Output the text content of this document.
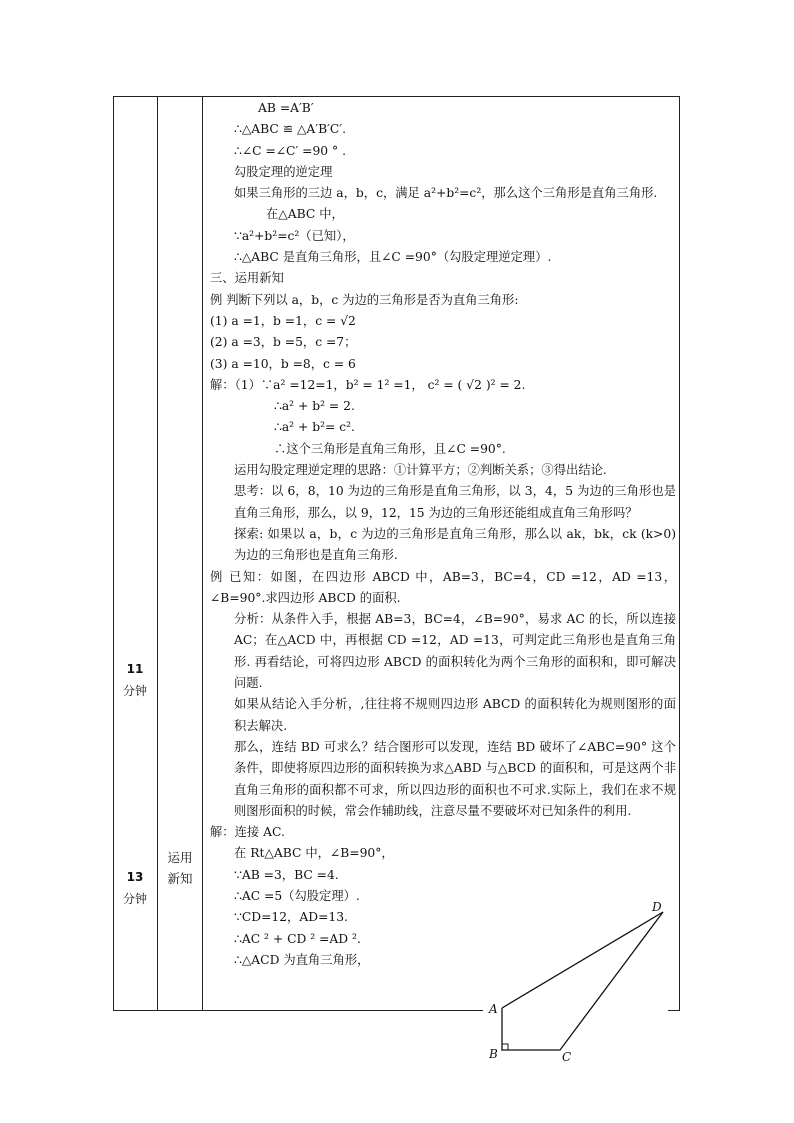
11
分钟
13
分钟
运用
新知
AB =A′B′
∴△ABC ≌ △A′B′C′.
∴∠C =∠C′ =90 ° .
勾股定理的逆定理
如果三角形的三边 a，b，c，满足 a²+b²=c²，那么这个三角形是直角三角形.
在△ABC 中，
∵a²+b²=c²（已知），
∴△ABC 是直角三角形，且∠C =90°（勾股定理逆定理）.
三、运用新知
例 判断下列以 a，b，c 为边的三角形是否为直角三角形:
(1) a =1，b =1，c = √2
(2) a =3，b =5，c =7；
(3) a =10，b =8，c = 6
解：（1）∵a² =12=1，b² = 1² =1， c² = ( √2 )² = 2.
∴a² + b² = 2.
∴a² + b²= c².
∴这个三角形是直角三角形，且∠C =90°.
运用勾股定理逆定理的思路：①计算平方；②判断关系；③得出结论.
思考：以 6，8，10 为边的三角形是直角三角形，以 3，4，5 为边的三角形也是直角三角形，那么，以 9，12，15 为边的三角形还能组成直角三角形吗？
探索: 如果以 a，b，c 为边的三角形是直角三角形，那么以 ak，bk，ck (k>0) 为边的三角形也是直角三角形.
例 已知：如图，在四边形 ABCD 中，AB=3，BC=4，CD =12，AD =13，∠B=90°.求四边形 ABCD 的面积.
分析：从条件入手，根据 AB=3，BC=4，∠B=90°，易求 AC 的长，所以连接 AC；在△ACD 中，再根据 CD =12，AD =13，可判定此三角形也是直角三角形. 再看结论，可将四边形 ABCD 的面积转化为两个三角形的面积和，即可解决问题.
如果从结论入手分析，,往往将不规则四边形 ABCD 的面积转化为规则图形的面积去解决.
那么，连结 BD 可求么？结合图形可以发现，连结 BD 破坏了∠ABC=90° 这个条件，即使将原四边形的面积转换为求△ABD 与△BCD 的面积和，可是这两个非直角三角形的面积都不可求，所以四边形的面积也不可求.实际上，我们在求不规则图形面积的时候，常会作辅助线，注意尽量不要破坏对已知条件的利用.
解：连接 AC.
在 Rt△ABC 中，∠B=90°，
∵AB =3，BC =4.
∴AC =5（勾股定理）.
∵CD=12，AD=13.
∴AC ² + CD ² =AD ².
∴△ACD 为直角三角形，
A
B	C
D
